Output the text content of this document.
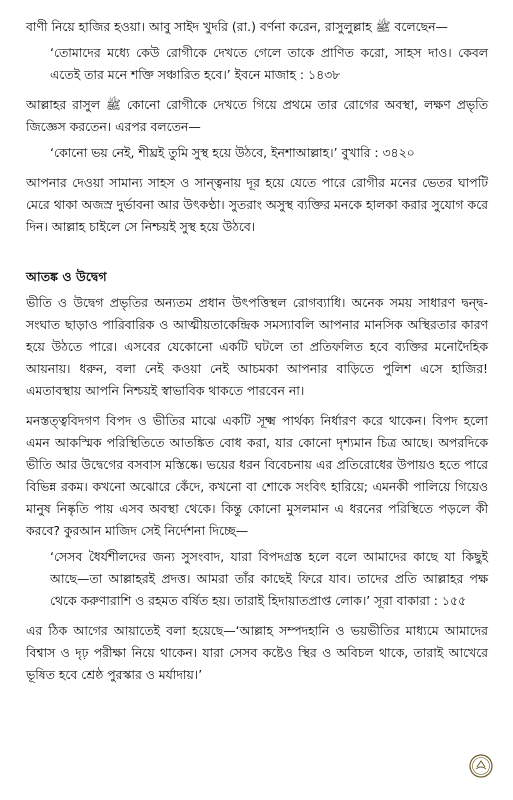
বাণী নিয়ে হাজির হওয়া। আবু সাইদ খুদরি (রা.) বর্ণনা করেন, রাসুলুল্লাহ ﷺ বলেছেন—

‘তোমাদের মধ্যে কেউ রোগীকে দেখতে গেলে তাকে প্রাণিত করো, সাহস দাও। কেবল এতেই তার মনে শক্তি সঞ্চারিত হবে।’ ইবনে মাজাহ : ১৪৩৮

আল্লাহর রাসুল ﷺ কোনো রোগীকে দেখতে গিয়ে প্রথমে তার রোগের অবস্থা, লক্ষণ প্রভৃতি জিজ্ঞেস করতেন। এরপর বলতেন—

‘কোনো ভয় নেই, শীঘ্রই তুমি সুস্থ হয়ে উঠবে, ইনশাআল্লাহ।’ বুখারি : ৩৪২০

আপনার দেওয়া সামান্য সাহস ও সান্ত্বনায় দূর হয়ে যেতে পারে রোগীর মনের ভেতর ঘাপটি মেরে থাকা অজস্র দুর্ভাবনা আর উৎকণ্ঠা। সুতরাং অসুস্থ ব্যক্তির মনকে হালকা করার সুযোগ করে দিন। আল্লাহ চাইলে সে নিশ্চয়ই সুস্থ হয়ে উঠবে।

আতঙ্ক ও উদ্বেগ

ভীতি ও উদ্বেগ প্রভৃতির অন্যতম প্রধান উৎপত্তিস্থল রোগব্যাধি। অনেক সময় সাধারণ দ্বন্দ্ব-সংঘাত ছাড়াও পারিবারিক ও আত্মীয়তাকেন্দ্রিক সমস্যাবলি আপনার মানসিক অস্থিরতার কারণ হয়ে উঠতে পারে। এসবের যেকোনো একটি ঘটলে তা প্রতিফলিত হবে ব্যক্তির মনোদৈহিক আয়নায়। ধরুন, বলা নেই কওয়া নেই আচমকা আপনার বাড়িতে পুলিশ এসে হাজির! এমতাবস্থায় আপনি নিশ্চয়ই স্বাভাবিক থাকতে পারবেন না।

মনস্তত্ত্ববিদগণ বিপদ ও ভীতির মাঝে একটি সূক্ষ্ম পার্থক্য নির্ধারণ করে থাকেন। বিপদ হলো এমন আকস্মিক পরিস্থিতিতে আতঙ্কিত বোধ করা, যার কোনো দৃশ্যমান চিত্র আছে। অপরদিকে ভীতি আর উদ্বেগের বসবাস মস্তিষ্কে। ভয়ের ধরন বিবেচনায় এর প্রতিরোধের উপায়ও হতে পারে বিভিন্ন রকম। কখনো অঝোরে কেঁদে, কখনো বা শোকে সংবিৎ হারিয়ে; এমনকী পালিয়ে গিয়েও মানুষ নিষ্কৃতি পায় এসব অবস্থা থেকে। কিন্তু কোনো মুসলমান এ ধরনের পরিস্থিতে পড়লে কী করবে? কুরআন মাজিদ সেই নির্দেশনা দিচ্ছে—

‘সেসব ধৈর্যশীলদের জন্য সুসংবাদ, যারা বিপদগ্রস্ত হলে বলে আমাদের কাছে যা কিছুই আছে—তা আল্লাহরই প্রদত্ত। আমরা তাঁর কাছেই ফিরে যাব। তাদের প্রতি আল্লাহর পক্ষ থেকে করুণারাশি ও রহমত বর্ষিত হয়। তারাই হিদায়াতপ্রাপ্ত লোক।’ সূরা বাকারা : ১৫৫

এর ঠিক আগের আয়াতেই বলা হয়েছে—‘আল্লাহ সম্পদহানি ও ভয়ভীতির মাধ্যমে আমাদের বিশ্বাস ও দৃঢ় পরীক্ষা নিয়ে থাকেন। যারা সেসব কষ্টেও স্থির ও অবিচল থাকে, তারাই আখেরে ভূষিত হবে শ্রেষ্ঠ পুরস্কার ও মর্যাদায়।’
